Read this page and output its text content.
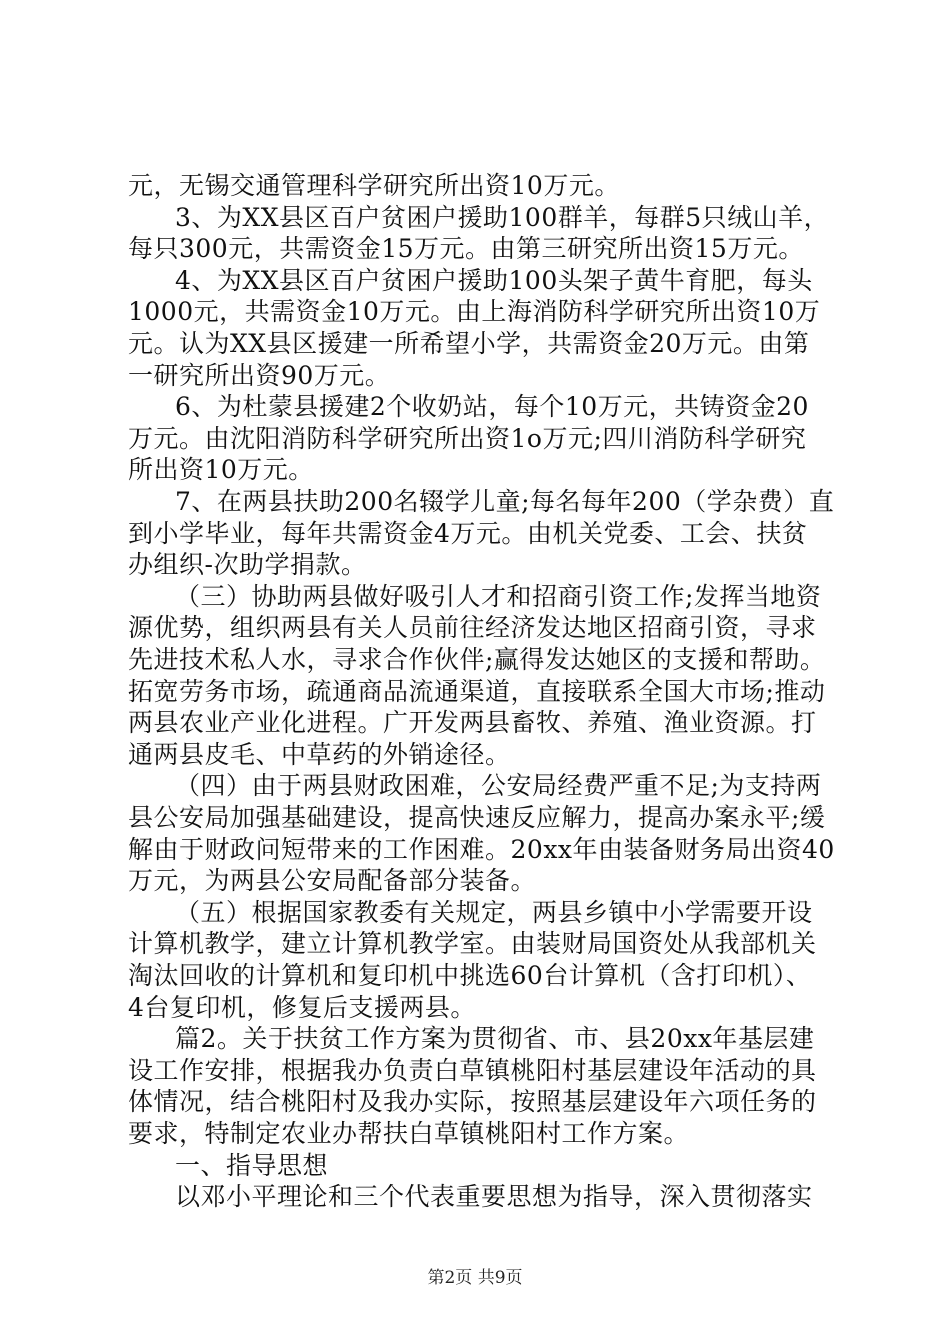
元，无锡交通管理科学研究所出资10万元。
3、为XX县区百户贫困户援助100群羊，每群5只绒山羊，
每只300元，共需资金15万元。由第三研究所出资15万元。
4、为XX县区百户贫困户援助100头架子黄牛育肥，每头
1000元，共需资金10万元。由上海消防科学研究所出资10万
元。认为XX县区援建一所希望小学，共需资金20万元。由第
一研究所出资90万元。
6、为杜蒙县援建2个收奶站，每个10万元，共铸资金20
万元。由沈阳消防科学研究所出资1o万元;四川消防科学研究
所出资10万元。
7、在两县扶助200名辍学儿童;每名每年200（学杂费）直
到小学毕业，每年共需资金4万元。由机关党委、工会、扶贫
办组织-次助学捐款。
（三）协助两县做好吸引人才和招商引资工作;发挥当地资
源优势，组织两县有关人员前往经济发达地区招商引资，寻求
先进技术私人水，寻求合作伙伴;赢得发达她区的支援和帮助。
拓宽劳务市场，疏通商品流通渠道，直接联系全国大市场;推动
两县农业产业化进程。广开发两县畜牧、养殖、渔业资源。打
通两县皮毛、中草药的外销途径。
（四）由于两县财政困难，公安局经费严重不足;为支持两
县公安局加强基础建设，提高快速反应解力，提高办案永平;缓
解由于财政问短带来的工作困难。20xx年由装备财务局出资40
万元，为两县公安局配备部分装备。
（五）根据国家教委有关规定，两县乡镇中小学需要开设
计算机教学，建立计算机教学室。由装财局国资处从我部机关
淘汰回收的计算机和复印机中挑选60台计算机（含打印机）、
4台复印机，修复后支援两县。
篇2。关于扶贫工作方案为贯彻省、市、县20xx年基层建
设工作安排，根据我办负责白草镇桃阳村基层建设年活动的具
体情况，结合桃阳村及我办实际，按照基层建设年六项任务的
要求，特制定农业办帮扶白草镇桃阳村工作方案。
一、指导思想
以邓小平理论和三个代表重要思想为指导，深入贯彻落实
第2页 共9页
